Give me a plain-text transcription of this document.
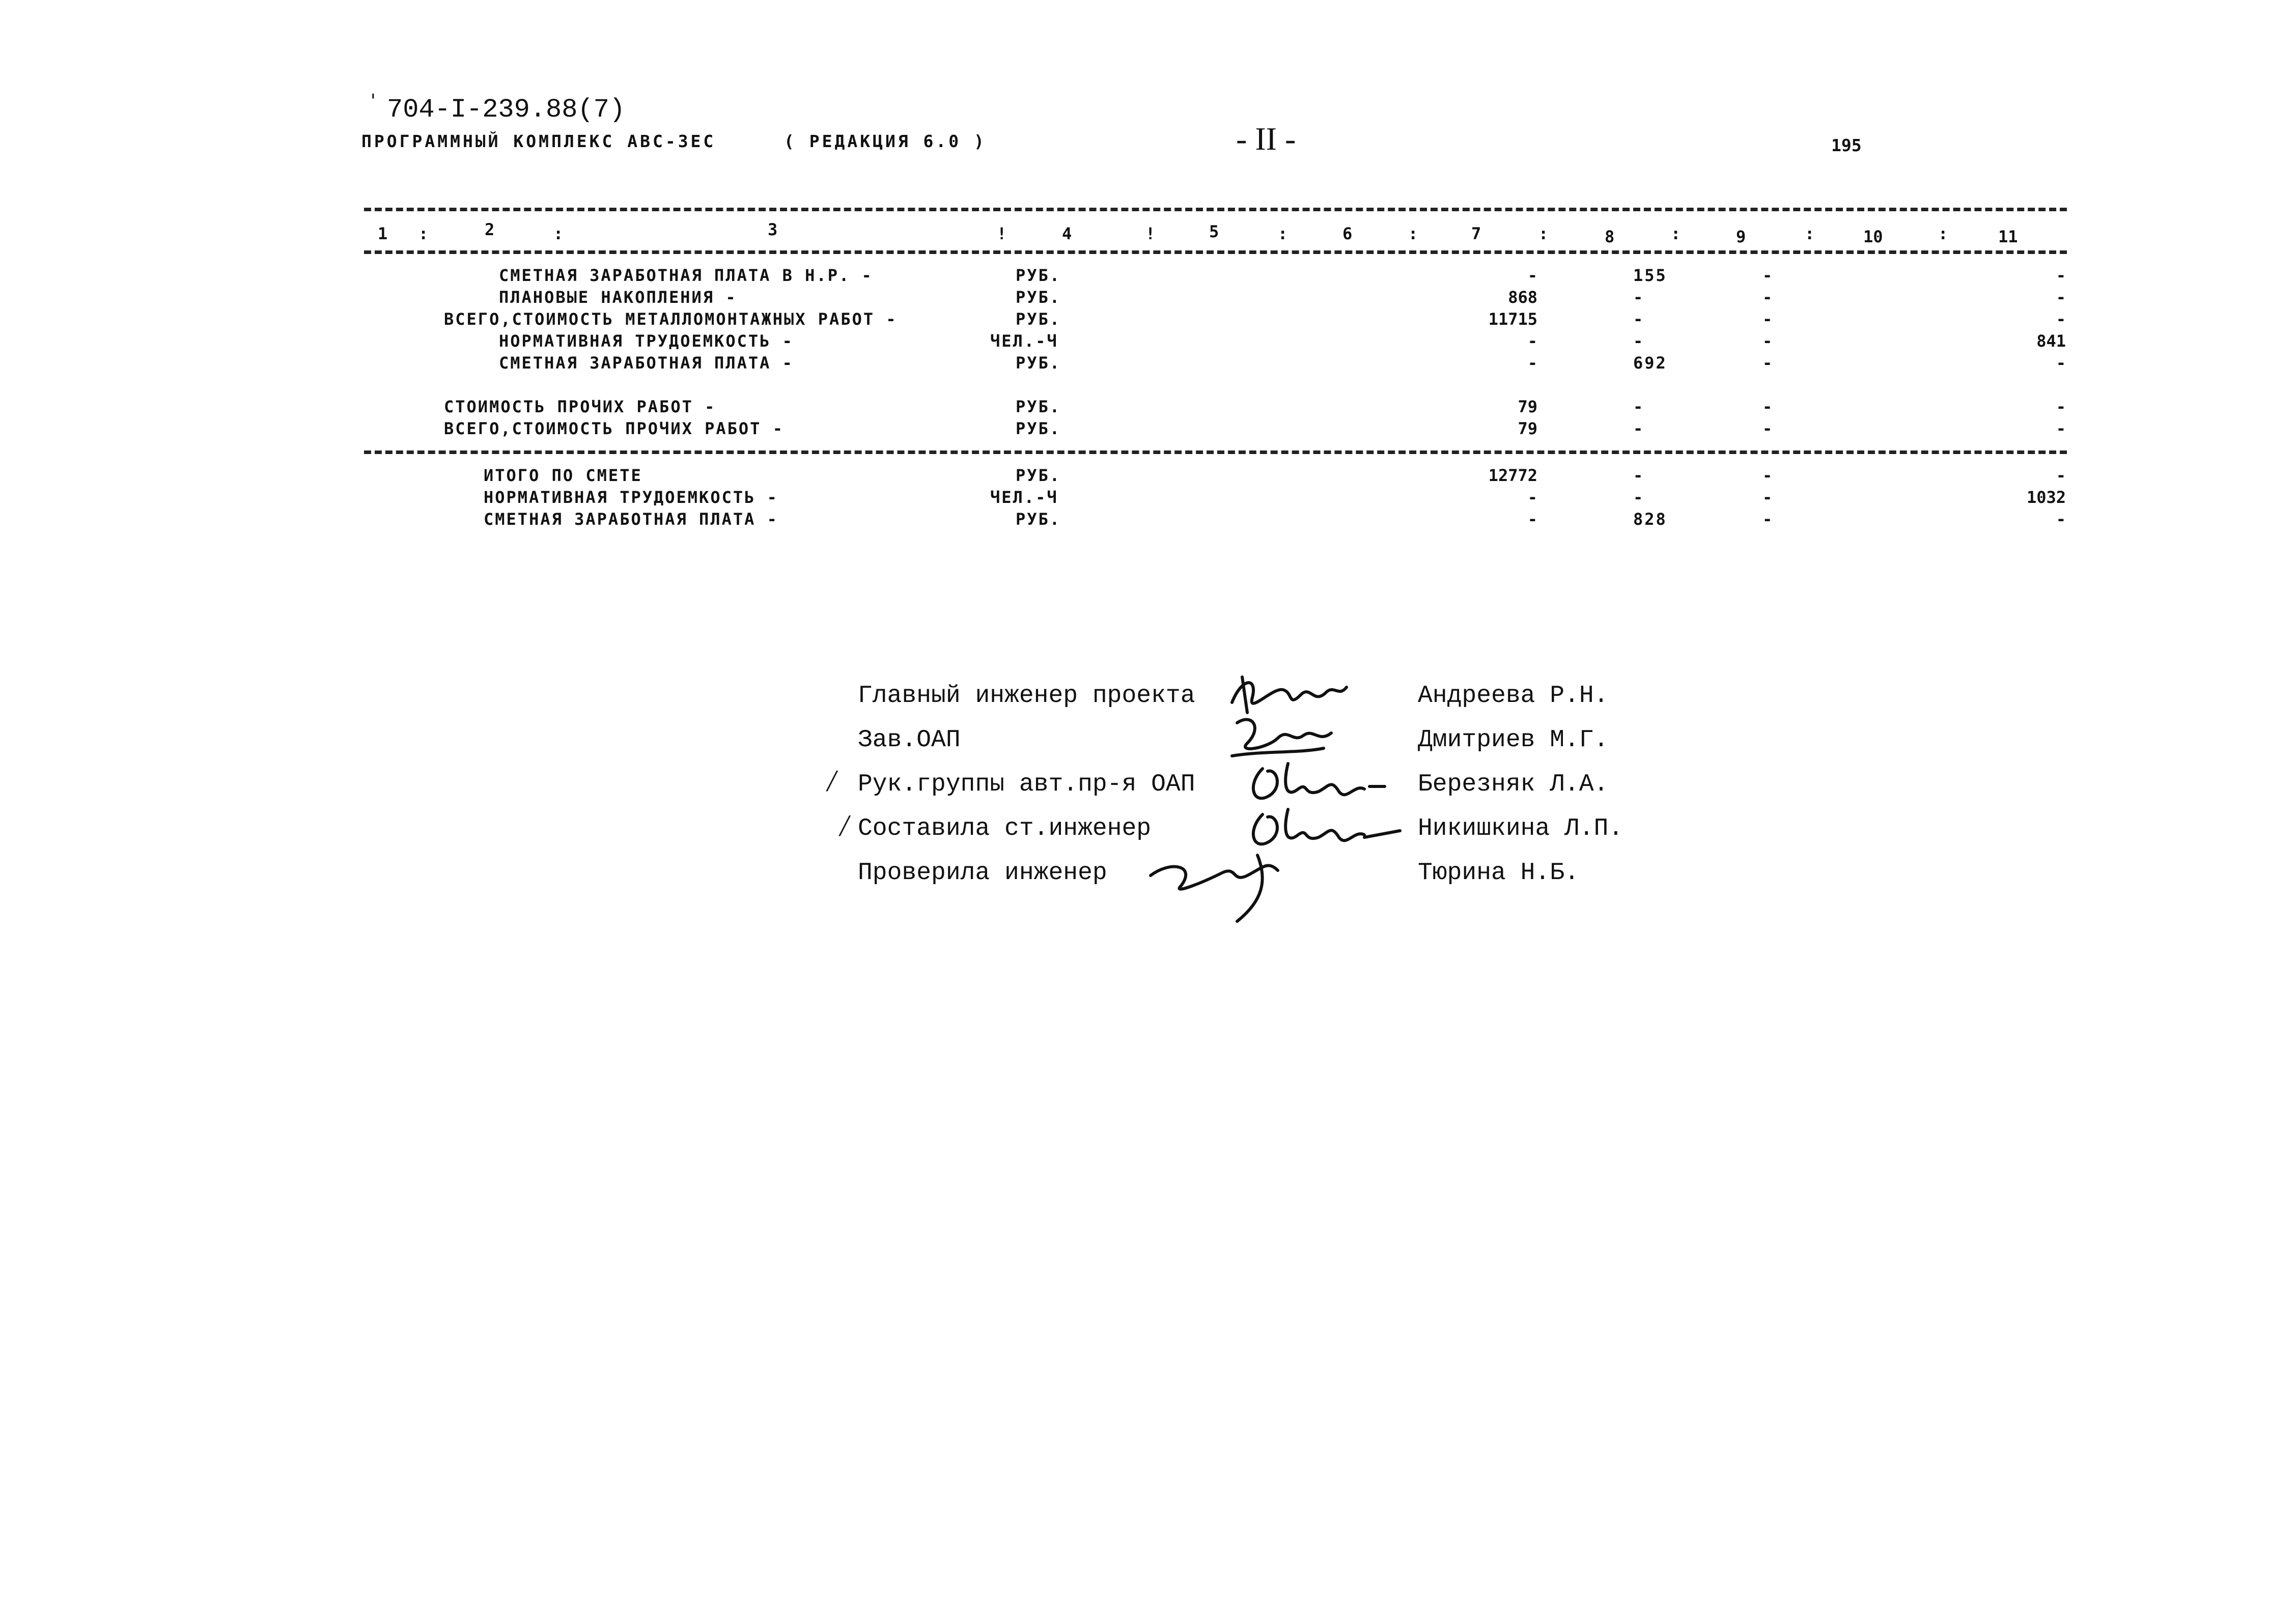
' 704-I-239.88(7)
ПРОГРАММНЫЙ КОМПЛЕКС АВС-3ЕС	( РЕДАКЦИЯ 6.0 )	- II -	195
1 :	2	:	3	!	4	!	5	:	6	:	7	:	8	:	9	:	10	:	11
СМЕТНАЯ ЗАРАБОТНАЯ ПЛАТА В Н.Р. -	РУБ.	-	155	-	-
ПЛАНОВЫЕ НАКОПЛЕНИЯ -	РУБ.	868	-	-	-
ВСЕГО,СТОИМОСТЬ МЕТАЛЛОМОНТАЖНЫХ РАБОТ -	РУБ.	11715	-	-	-
НОРМАТИВНАЯ ТРУДОЕМКОСТЬ -	ЧЕЛ.-Ч	-	-	-	841
СМЕТНАЯ ЗАРАБОТНАЯ ПЛАТА -	РУБ.	-	692	-	-
СТОИМОСТЬ ПРОЧИХ РАБОТ -	РУБ.	79	-	-	-
ВСЕГО,СТОИМОСТЬ ПРОЧИХ РАБОТ -	РУБ.	79	-	-	-
ИТОГО ПО СМЕТЕ	РУБ.	12772	-	-	-
НОРМАТИВНАЯ ТРУДОЕМКОСТЬ -	ЧЕЛ.-Ч	-	-	-	1032
СМЕТНАЯ ЗАРАБОТНАЯ ПЛАТА -	РУБ.	-	828	-	-
Главный инженер проекта	Андреева Р.Н.
Зав.ОАП	Дмитриев М.Г.
/ Рук.группы авт.пр-я ОАП	Березняк Л.А.
/ Составила ст.инженер	Никишкина Л.П.
Проверила инженер	Тюрина Н.Б.
